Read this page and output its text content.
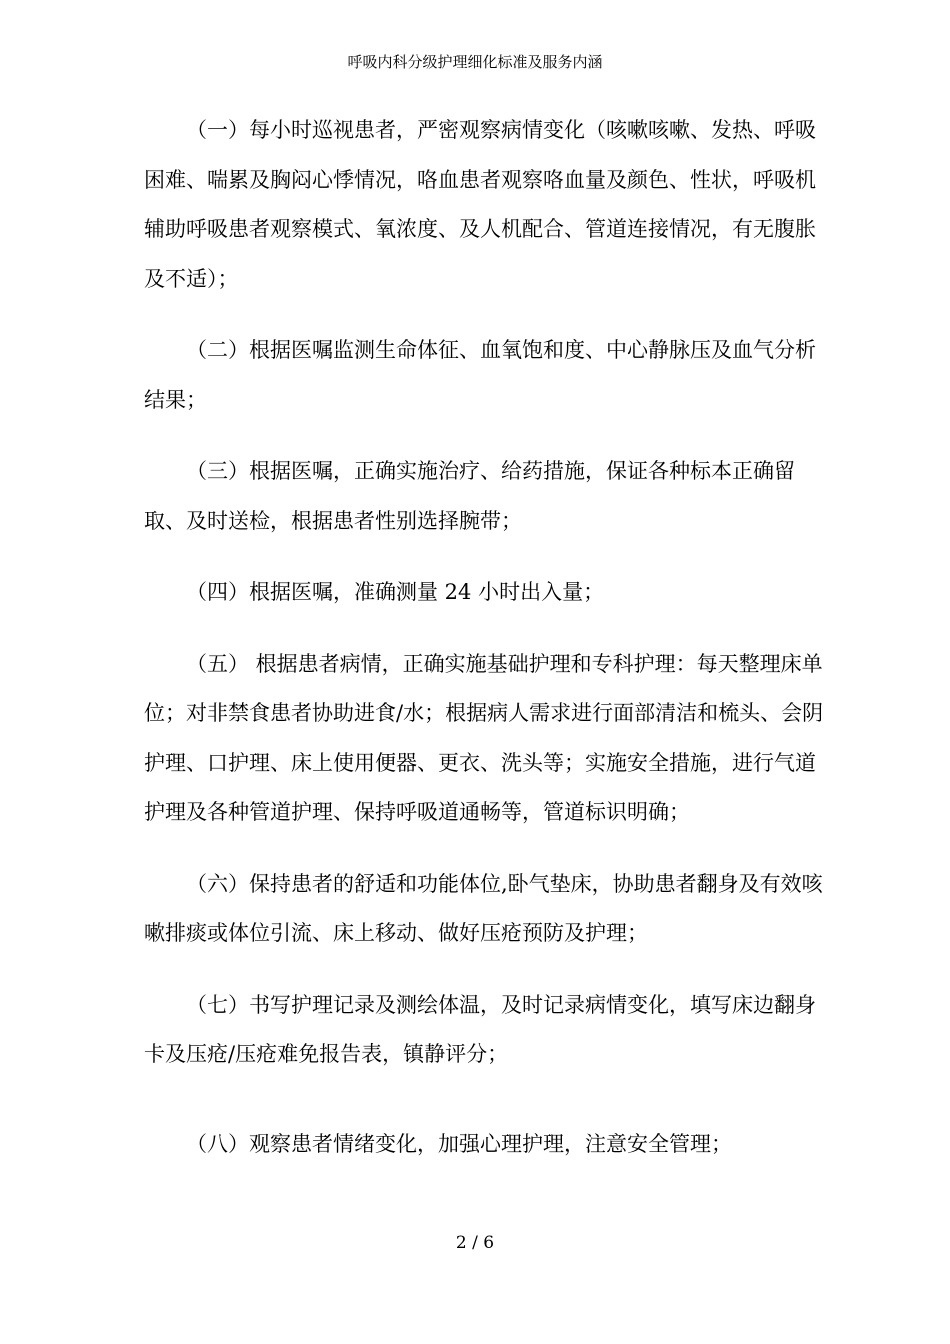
呼吸内科分级护理细化标准及服务内涵

（一）每小时巡视患者，严密观察病情变化（咳嗽咳嗽、发热、呼吸困难、喘累及胸闷心悸情况，咯血患者观察咯血量及颜色、性状，呼吸机辅助呼吸患者观察模式、氧浓度、及人机配合、管道连接情况，有无腹胀及不适）；

（二）根据医嘱监测生命体征、血氧饱和度、中心静脉压及血气分析结果；

（三）根据医嘱，正确实施治疗、给药措施，保证各种标本正确留取、及时送检，根据患者性别选择腕带；

（四）根据医嘱，准确测量 24 小时出入量；

（五） 根据患者病情，正确实施基础护理和专科护理：每天整理床单位；对非禁食患者协助进食/水；根据病人需求进行面部清洁和梳头、会阴护理、口护理、床上使用便器、更衣、洗头等；实施安全措施，进行气道护理及各种管道护理、保持呼吸道通畅等，管道标识明确；

（六）保持患者的舒适和功能体位,卧气垫床，协助患者翻身及有效咳嗽排痰或体位引流、床上移动、做好压疮预防及护理；

（七）书写护理记录及测绘体温，及时记录病情变化，填写床边翻身卡及压疮/压疮难免报告表，镇静评分；

（八）观察患者情绪变化，加强心理护理，注意安全管理；

2 / 6
